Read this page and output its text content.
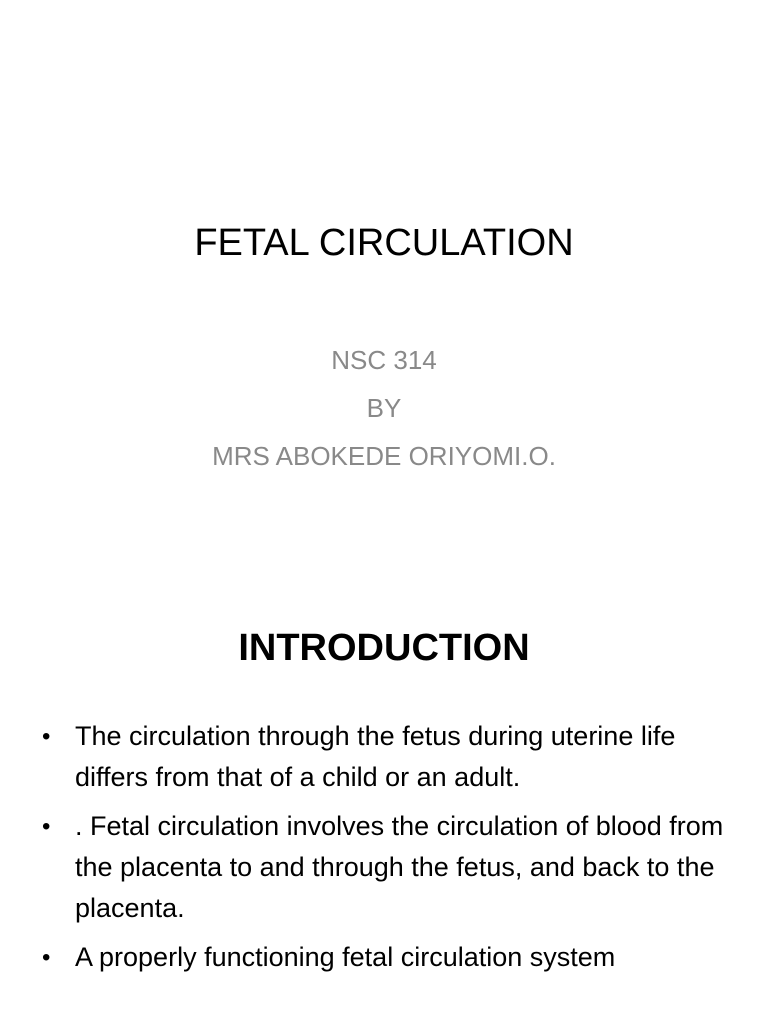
FETAL CIRCULATION
NSC 314
BY
MRS ABOKEDE ORIYOMI.O.
INTRODUCTION
• The circulation through the fetus during uterine life differs from that of a child or an adult.
• . Fetal circulation involves the circulation of blood from the placenta to and through the fetus, and back to the placenta.
• A properly functioning fetal circulation system
